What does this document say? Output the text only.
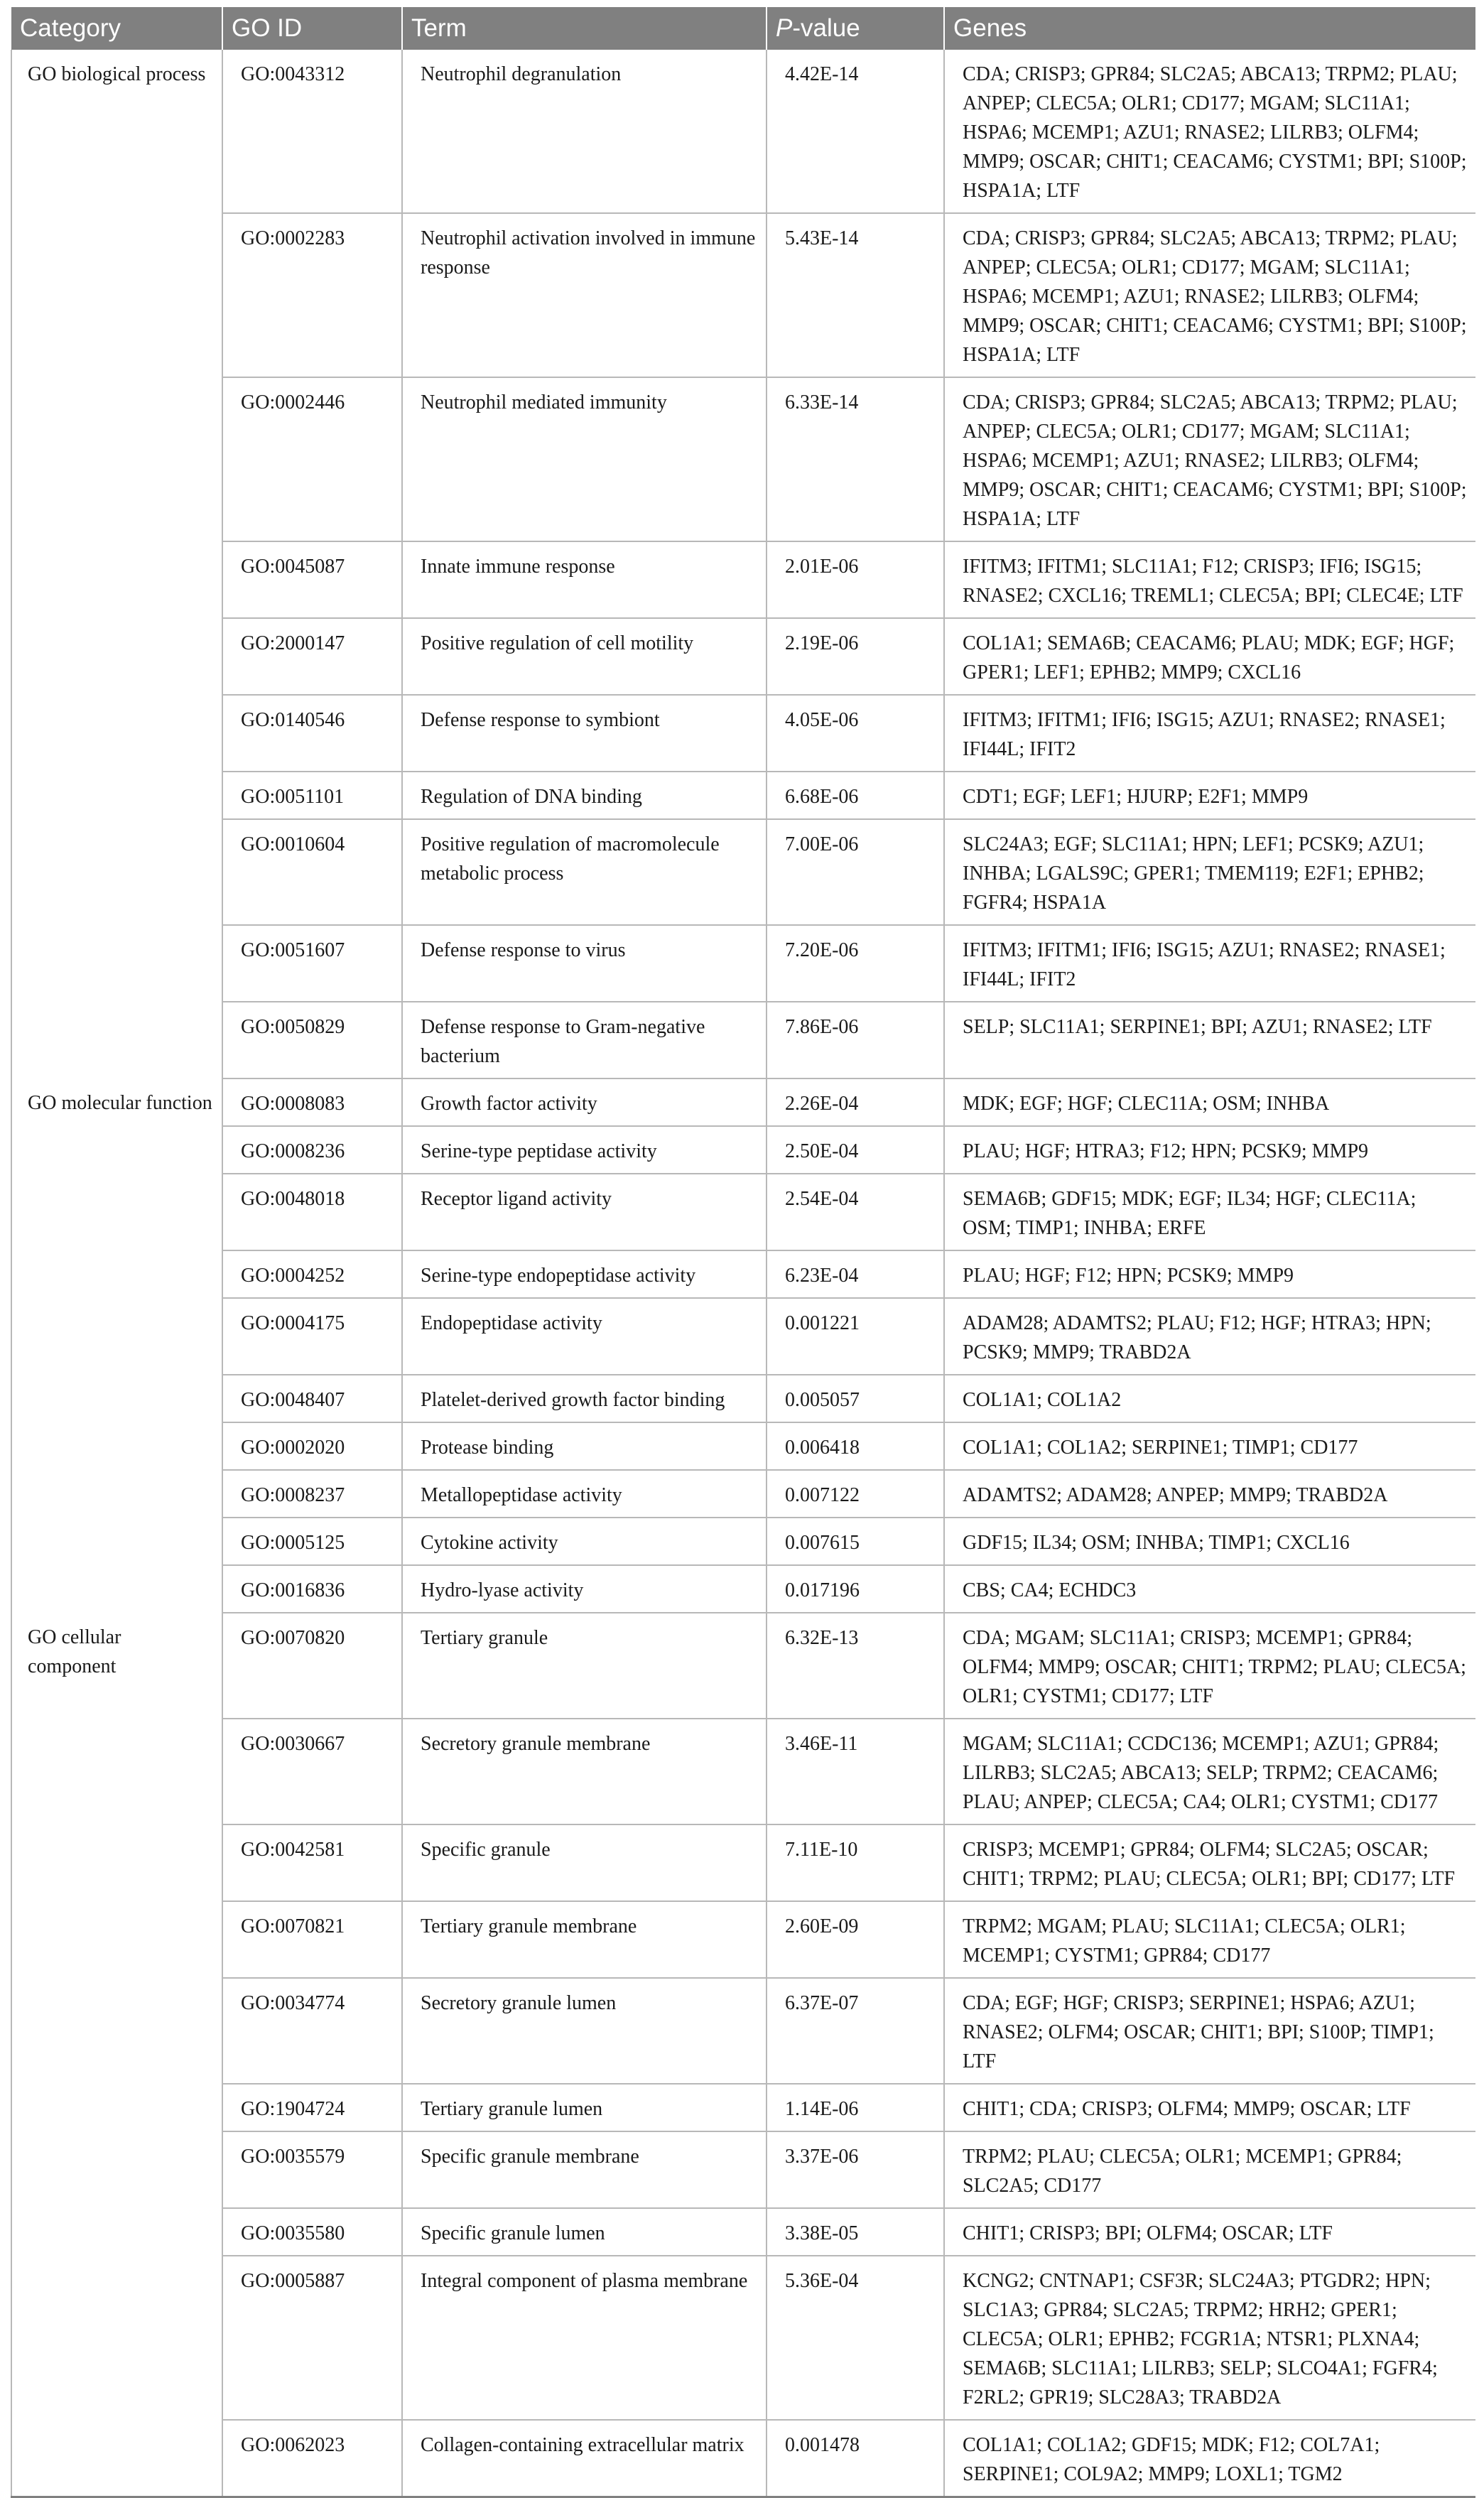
Category	GO ID	Term	P-value	Genes
GO biological process	GO:0043312	Neutrophil degranulation	4.42E-14	CDA; CRISP3; GPR84; SLC2A5; ABCA13; TRPM2; PLAU; ANPEP; CLEC5A; OLR1; CD177; MGAM; SLC11A1; HSPA6; MCEMP1; AZU1; RNASE2; LILRB3; OLFM4; MMP9; OSCAR; CHIT1; CEACAM6; CYSTM1; BPI; S100P; HSPA1A; LTF
	GO:0002283	Neutrophil activation involved in immune response	5.43E-14	CDA; CRISP3; GPR84; SLC2A5; ABCA13; TRPM2; PLAU; ANPEP; CLEC5A; OLR1; CD177; MGAM; SLC11A1; HSPA6; MCEMP1; AZU1; RNASE2; LILRB3; OLFM4; MMP9; OSCAR; CHIT1; CEACAM6; CYSTM1; BPI; S100P; HSPA1A; LTF
	GO:0002446	Neutrophil mediated immunity	6.33E-14	CDA; CRISP3; GPR84; SLC2A5; ABCA13; TRPM2; PLAU; ANPEP; CLEC5A; OLR1; CD177; MGAM; SLC11A1; HSPA6; MCEMP1; AZU1; RNASE2; LILRB3; OLFM4; MMP9; OSCAR; CHIT1; CEACAM6; CYSTM1; BPI; S100P; HSPA1A; LTF
	GO:0045087	Innate immune response	2.01E-06	IFITM3; IFITM1; SLC11A1; F12; CRISP3; IFI6; ISG15; RNASE2; CXCL16; TREML1; CLEC5A; BPI; CLEC4E; LTF
	GO:2000147	Positive regulation of cell motility	2.19E-06	COL1A1; SEMA6B; CEACAM6; PLAU; MDK; EGF; HGF; GPER1; LEF1; EPHB2; MMP9; CXCL16
	GO:0140546	Defense response to symbiont	4.05E-06	IFITM3; IFITM1; IFI6; ISG15; AZU1; RNASE2; RNASE1; IFI44L; IFIT2
	GO:0051101	Regulation of DNA binding	6.68E-06	CDT1; EGF; LEF1; HJURP; E2F1; MMP9
	GO:0010604	Positive regulation of macromolecule metabolic process	7.00E-06	SLC24A3; EGF; SLC11A1; HPN; LEF1; PCSK9; AZU1; INHBA; LGALS9C; GPER1; TMEM119; E2F1; EPHB2; FGFR4; HSPA1A
	GO:0051607	Defense response to virus	7.20E-06	IFITM3; IFITM1; IFI6; ISG15; AZU1; RNASE2; RNASE1; IFI44L; IFIT2
	GO:0050829	Defense response to Gram-negative bacterium	7.86E-06	SELP; SLC11A1; SERPINE1; BPI; AZU1; RNASE2; LTF
GO molecular function	GO:0008083	Growth factor activity	2.26E-04	MDK; EGF; HGF; CLEC11A; OSM; INHBA
	GO:0008236	Serine-type peptidase activity	2.50E-04	PLAU; HGF; HTRA3; F12; HPN; PCSK9; MMP9
	GO:0048018	Receptor ligand activity	2.54E-04	SEMA6B; GDF15; MDK; EGF; IL34; HGF; CLEC11A; OSM; TIMP1; INHBA; ERFE
	GO:0004252	Serine-type endopeptidase activity	6.23E-04	PLAU; HGF; F12; HPN; PCSK9; MMP9
	GO:0004175	Endopeptidase activity	0.001221	ADAM28; ADAMTS2; PLAU; F12; HGF; HTRA3; HPN; PCSK9; MMP9; TRABD2A
	GO:0048407	Platelet-derived growth factor binding	0.005057	COL1A1; COL1A2
	GO:0002020	Protease binding	0.006418	COL1A1; COL1A2; SERPINE1; TIMP1; CD177
	GO:0008237	Metallopeptidase activity	0.007122	ADAMTS2; ADAM28; ANPEP; MMP9; TRABD2A
	GO:0005125	Cytokine activity	0.007615	GDF15; IL34; OSM; INHBA; TIMP1; CXCL16
	GO:0016836	Hydro-lyase activity	0.017196	CBS; CA4; ECHDC3
GO cellular component	GO:0070820	Tertiary granule	6.32E-13	CDA; MGAM; SLC11A1; CRISP3; MCEMP1; GPR84; OLFM4; MMP9; OSCAR; CHIT1; TRPM2; PLAU; CLEC5A; OLR1; CYSTM1; CD177; LTF
	GO:0030667	Secretory granule membrane	3.46E-11	MGAM; SLC11A1; CCDC136; MCEMP1; AZU1; GPR84; LILRB3; SLC2A5; ABCA13; SELP; TRPM2; CEACAM6; PLAU; ANPEP; CLEC5A; CA4; OLR1; CYSTM1; CD177
	GO:0042581	Specific granule	7.11E-10	CRISP3; MCEMP1; GPR84; OLFM4; SLC2A5; OSCAR; CHIT1; TRPM2; PLAU; CLEC5A; OLR1; BPI; CD177; LTF
	GO:0070821	Tertiary granule membrane	2.60E-09	TRPM2; MGAM; PLAU; SLC11A1; CLEC5A; OLR1; MCEMP1; CYSTM1; GPR84; CD177
	GO:0034774	Secretory granule lumen	6.37E-07	CDA; EGF; HGF; CRISP3; SERPINE1; HSPA6; AZU1; RNASE2; OLFM4; OSCAR; CHIT1; BPI; S100P; TIMP1; LTF
	GO:1904724	Tertiary granule lumen	1.14E-06	CHIT1; CDA; CRISP3; OLFM4; MMP9; OSCAR; LTF
	GO:0035579	Specific granule membrane	3.37E-06	TRPM2; PLAU; CLEC5A; OLR1; MCEMP1; GPR84; SLC2A5; CD177
	GO:0035580	Specific granule lumen	3.38E-05	CHIT1; CRISP3; BPI; OLFM4; OSCAR; LTF
	GO:0005887	Integral component of plasma membrane	5.36E-04	KCNG2; CNTNAP1; CSF3R; SLC24A3; PTGDR2; HPN; SLC1A3; GPR84; SLC2A5; TRPM2; HRH2; GPER1; CLEC5A; OLR1; EPHB2; FCGR1A; NTSR1; PLXNA4; SEMA6B; SLC11A1; LILRB3; SELP; SLCO4A1; FGFR4; F2RL2; GPR19; SLC28A3; TRABD2A
	GO:0062023	Collagen-containing extracellular matrix	0.001478	COL1A1; COL1A2; GDF15; MDK; F12; COL7A1; SERPINE1; COL9A2; MMP9; LOXL1; TGM2
